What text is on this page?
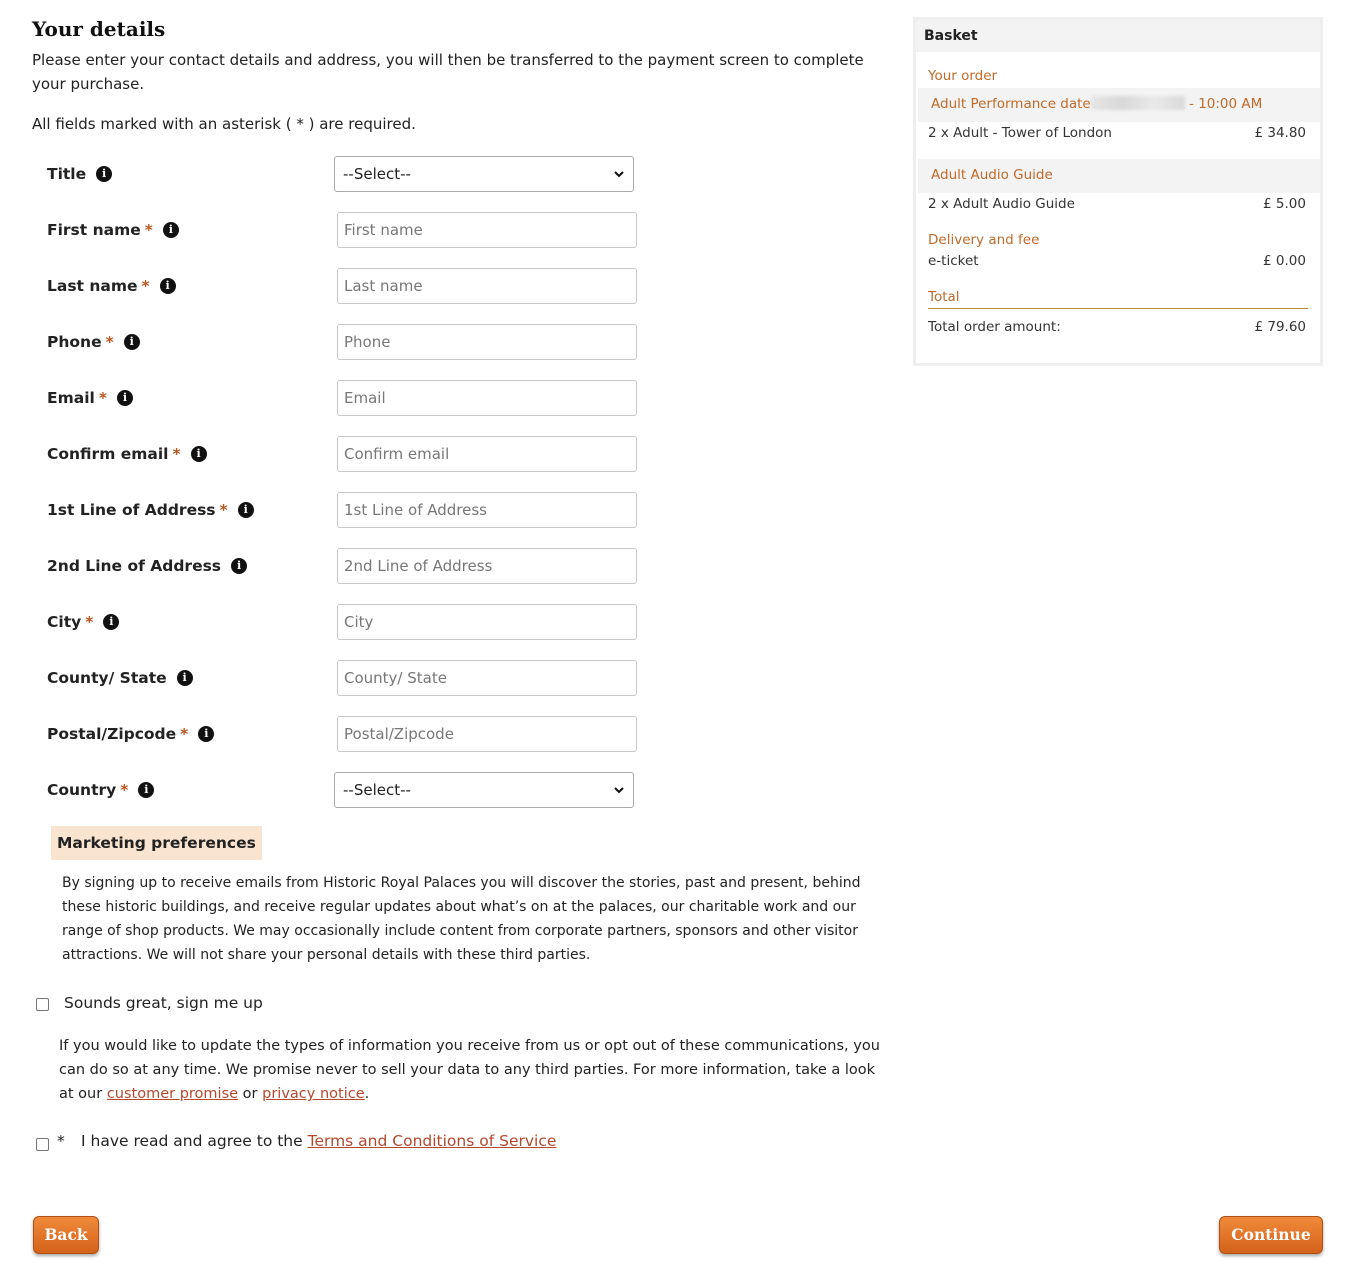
Your details

Please enter your contact details and address, you will then be transferred to the payment screen to complete your purchase.

All fields marked with an asterisk ( * ) are required.

Title	i	--Select--
First name *	i
First name
Last name *	i
Last name
Phone *	i
Phone
Email *	i
Email
Confirm email *	i
Confirm email
1st Line of Address *	i
1st Line of Address
2nd Line of Address	i
2nd Line of Address
City *	i
City
County/ State	i
County/ State
Postal/Zipcode *	i
Postal/Zipcode
Country *	i	--Select--
Marketing preferences

By signing up to receive emails from Historic Royal Palaces you will discover the stories, past and present, behind these historic buildings, and receive regular updates about what’s on at the palaces, our charitable work and our range of shop products. We may occasionally include content from corporate partners, sponsors and other visitor attractions. We will not share your personal details with these third parties.

Sounds great, sign me up

If you would like to update the types of information you receive from us or opt out of these communications, you can do so at any time. We promise never to sell your data to any third parties. For more information, take a look at our customer promise or privacy notice.

* I have read and agree to the Terms and Conditions of Service
Back	Continue
Basket
Your order
Adult Performance date	- 10:00 AM
2 x Adult - Tower of London	£ 34.80
Adult Audio Guide
2 x Adult Audio Guide	£ 5.00
Delivery and fee
e-ticket	£ 0.00
Total
Total order amount:	£ 79.60
